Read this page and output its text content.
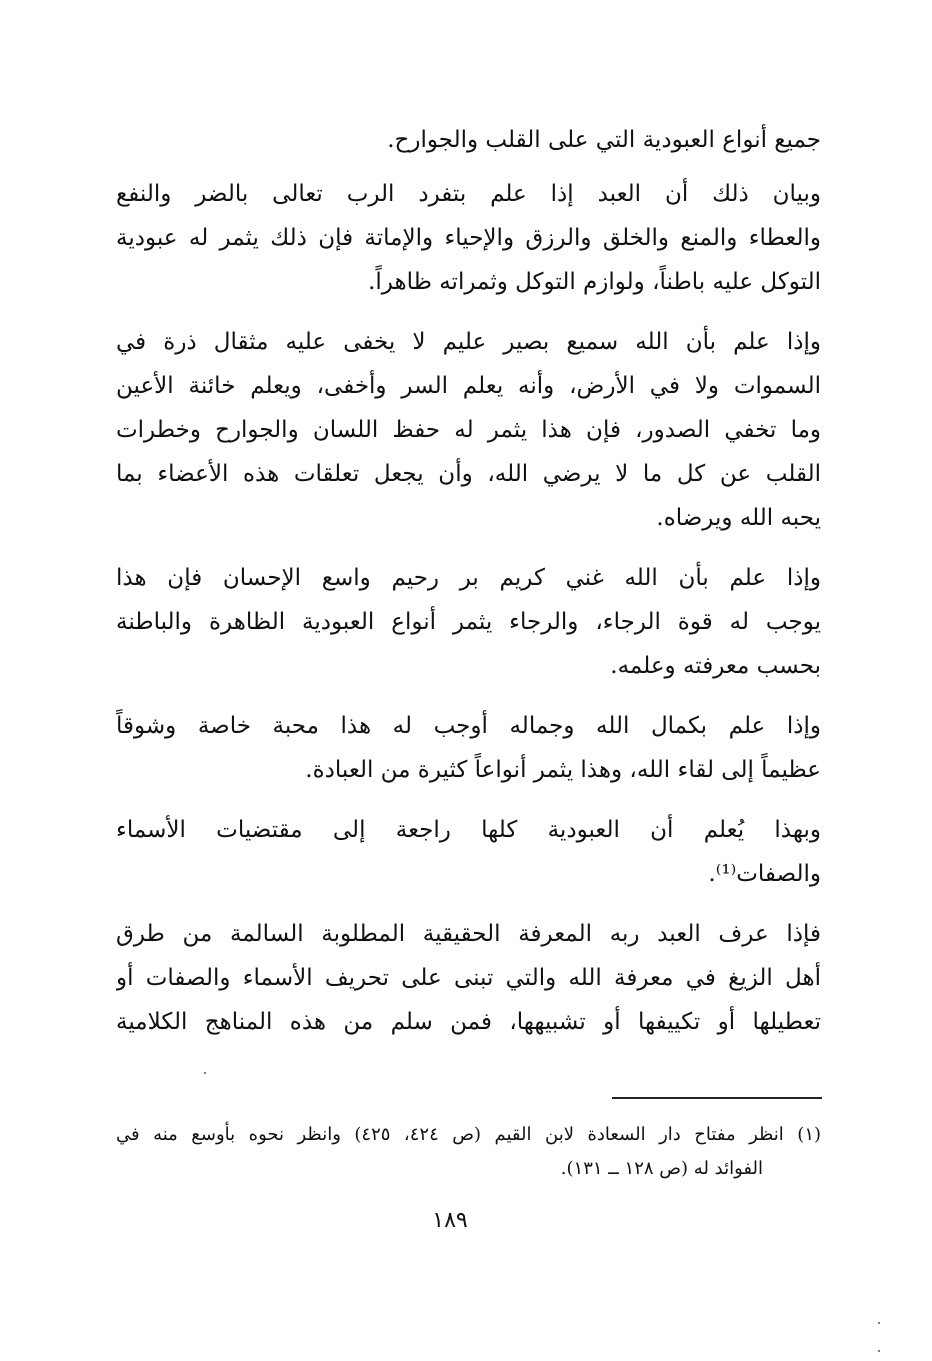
جميع أنواع العبودية التي على القلب والجوارح.
وبيان ذلك أن العبد إذا علم بتفرد الرب تعالى بالضر والنفع
والعطاء والمنع والخلق والرزق والإحياء والإماتة فإن ذلك يثمر له عبودية
التوكل عليه باطناً، ولوازم التوكل وثمراته ظاهراً.
وإذا علم بأن الله سميع بصير عليم لا يخفى عليه مثقال ذرة في
السموات ولا في الأرض، وأنه يعلم السر وأخفى، ويعلم خائنة الأعين
وما تخفي الصدور، فإن هذا يثمر له حفظ اللسان والجوارح وخطرات
القلب عن كل ما لا يرضي الله، وأن يجعل تعلقات هذه الأعضاء بما
يحبه الله ويرضاه.
وإذا علم بأن الله غني كريم بر رحيم واسع الإحسان فإن هذا
يوجب له قوة الرجاء، والرجاء يثمر أنواع العبودية الظاهرة والباطنة
بحسب معرفته وعلمه.
وإذا علم بكمال الله وجماله أوجب له هذا محبة خاصة وشوقاً
عظيماً إلى لقاء الله، وهذا يثمر أنواعاً كثيرة من العبادة.
وبهذا يُعلم أن العبودية كلها راجعة إلى مقتضيات الأسماء
والصفات⁽¹⁾.
فإذا عرف العبد ربه المعرفة الحقيقية المطلوبة السالمة من طرق
أهل الزيغ في معرفة الله والتي تبنى على تحريف الأسماء والصفات أو
تعطيلها أو تكييفها أو تشبيهها، فمن سلم من هذه المناهج الكلامية
(١) انظر مفتاح دار السعادة لابن القيم (ص ٤٢٤، ٤٢٥) وانظر نحوه بأوسع منه في
الفوائد له (ص ١٢٨ ــ ١٣١).
١٨٩
